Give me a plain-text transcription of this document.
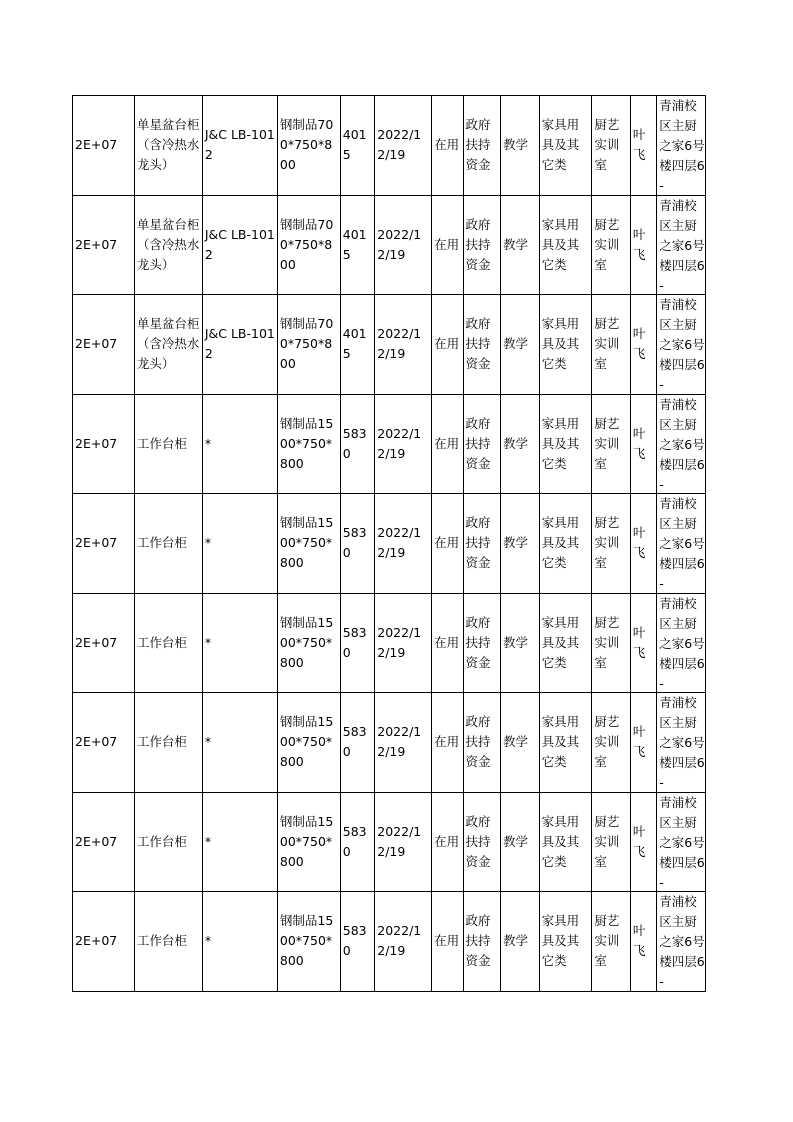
2E+07	单星盆台柜（含冷热水龙头）	J&C LB-1012	钢制品700*750*800	4015	2022/12/19	在用	政府扶持资金	教学	家具用具及其它类	厨艺实训室	叶飞	青浦校区主厨之家6号楼四层6-

2E+07	单星盆台柜（含冷热水龙头）	J&C LB-1012	钢制品700*750*800	4015	2022/12/19	在用	政府扶持资金	教学	家具用具及其它类	厨艺实训室	叶飞	青浦校区主厨之家6号楼四层6-

2E+07	单星盆台柜（含冷热水龙头）	J&C LB-1012	钢制品700*750*800	4015	2022/12/19	在用	政府扶持资金	教学	家具用具及其它类	厨艺实训室	叶飞	青浦校区主厨之家6号楼四层6-

2E+07	工作台柜	*	钢制品1500*750*800	5830	2022/12/19	在用	政府扶持资金	教学	家具用具及其它类	厨艺实训室	叶飞	青浦校区主厨之家6号楼四层6-

2E+07	工作台柜	*	钢制品1500*750*800	5830	2022/12/19	在用	政府扶持资金	教学	家具用具及其它类	厨艺实训室	叶飞	青浦校区主厨之家6号楼四层6-

2E+07	工作台柜	*	钢制品1500*750*800	5830	2022/12/19	在用	政府扶持资金	教学	家具用具及其它类	厨艺实训室	叶飞	青浦校区主厨之家6号楼四层6-

2E+07	工作台柜	*	钢制品1500*750*800	5830	2022/12/19	在用	政府扶持资金	教学	家具用具及其它类	厨艺实训室	叶飞	青浦校区主厨之家6号楼四层6-

2E+07	工作台柜	*	钢制品1500*750*800	5830	2022/12/19	在用	政府扶持资金	教学	家具用具及其它类	厨艺实训室	叶飞	青浦校区主厨之家6号楼四层6-

2E+07	工作台柜	*	钢制品1500*750*800	5830	2022/12/19	在用	政府扶持资金	教学	家具用具及其它类	厨艺实训室	叶飞	青浦校区主厨之家6号楼四层6-
